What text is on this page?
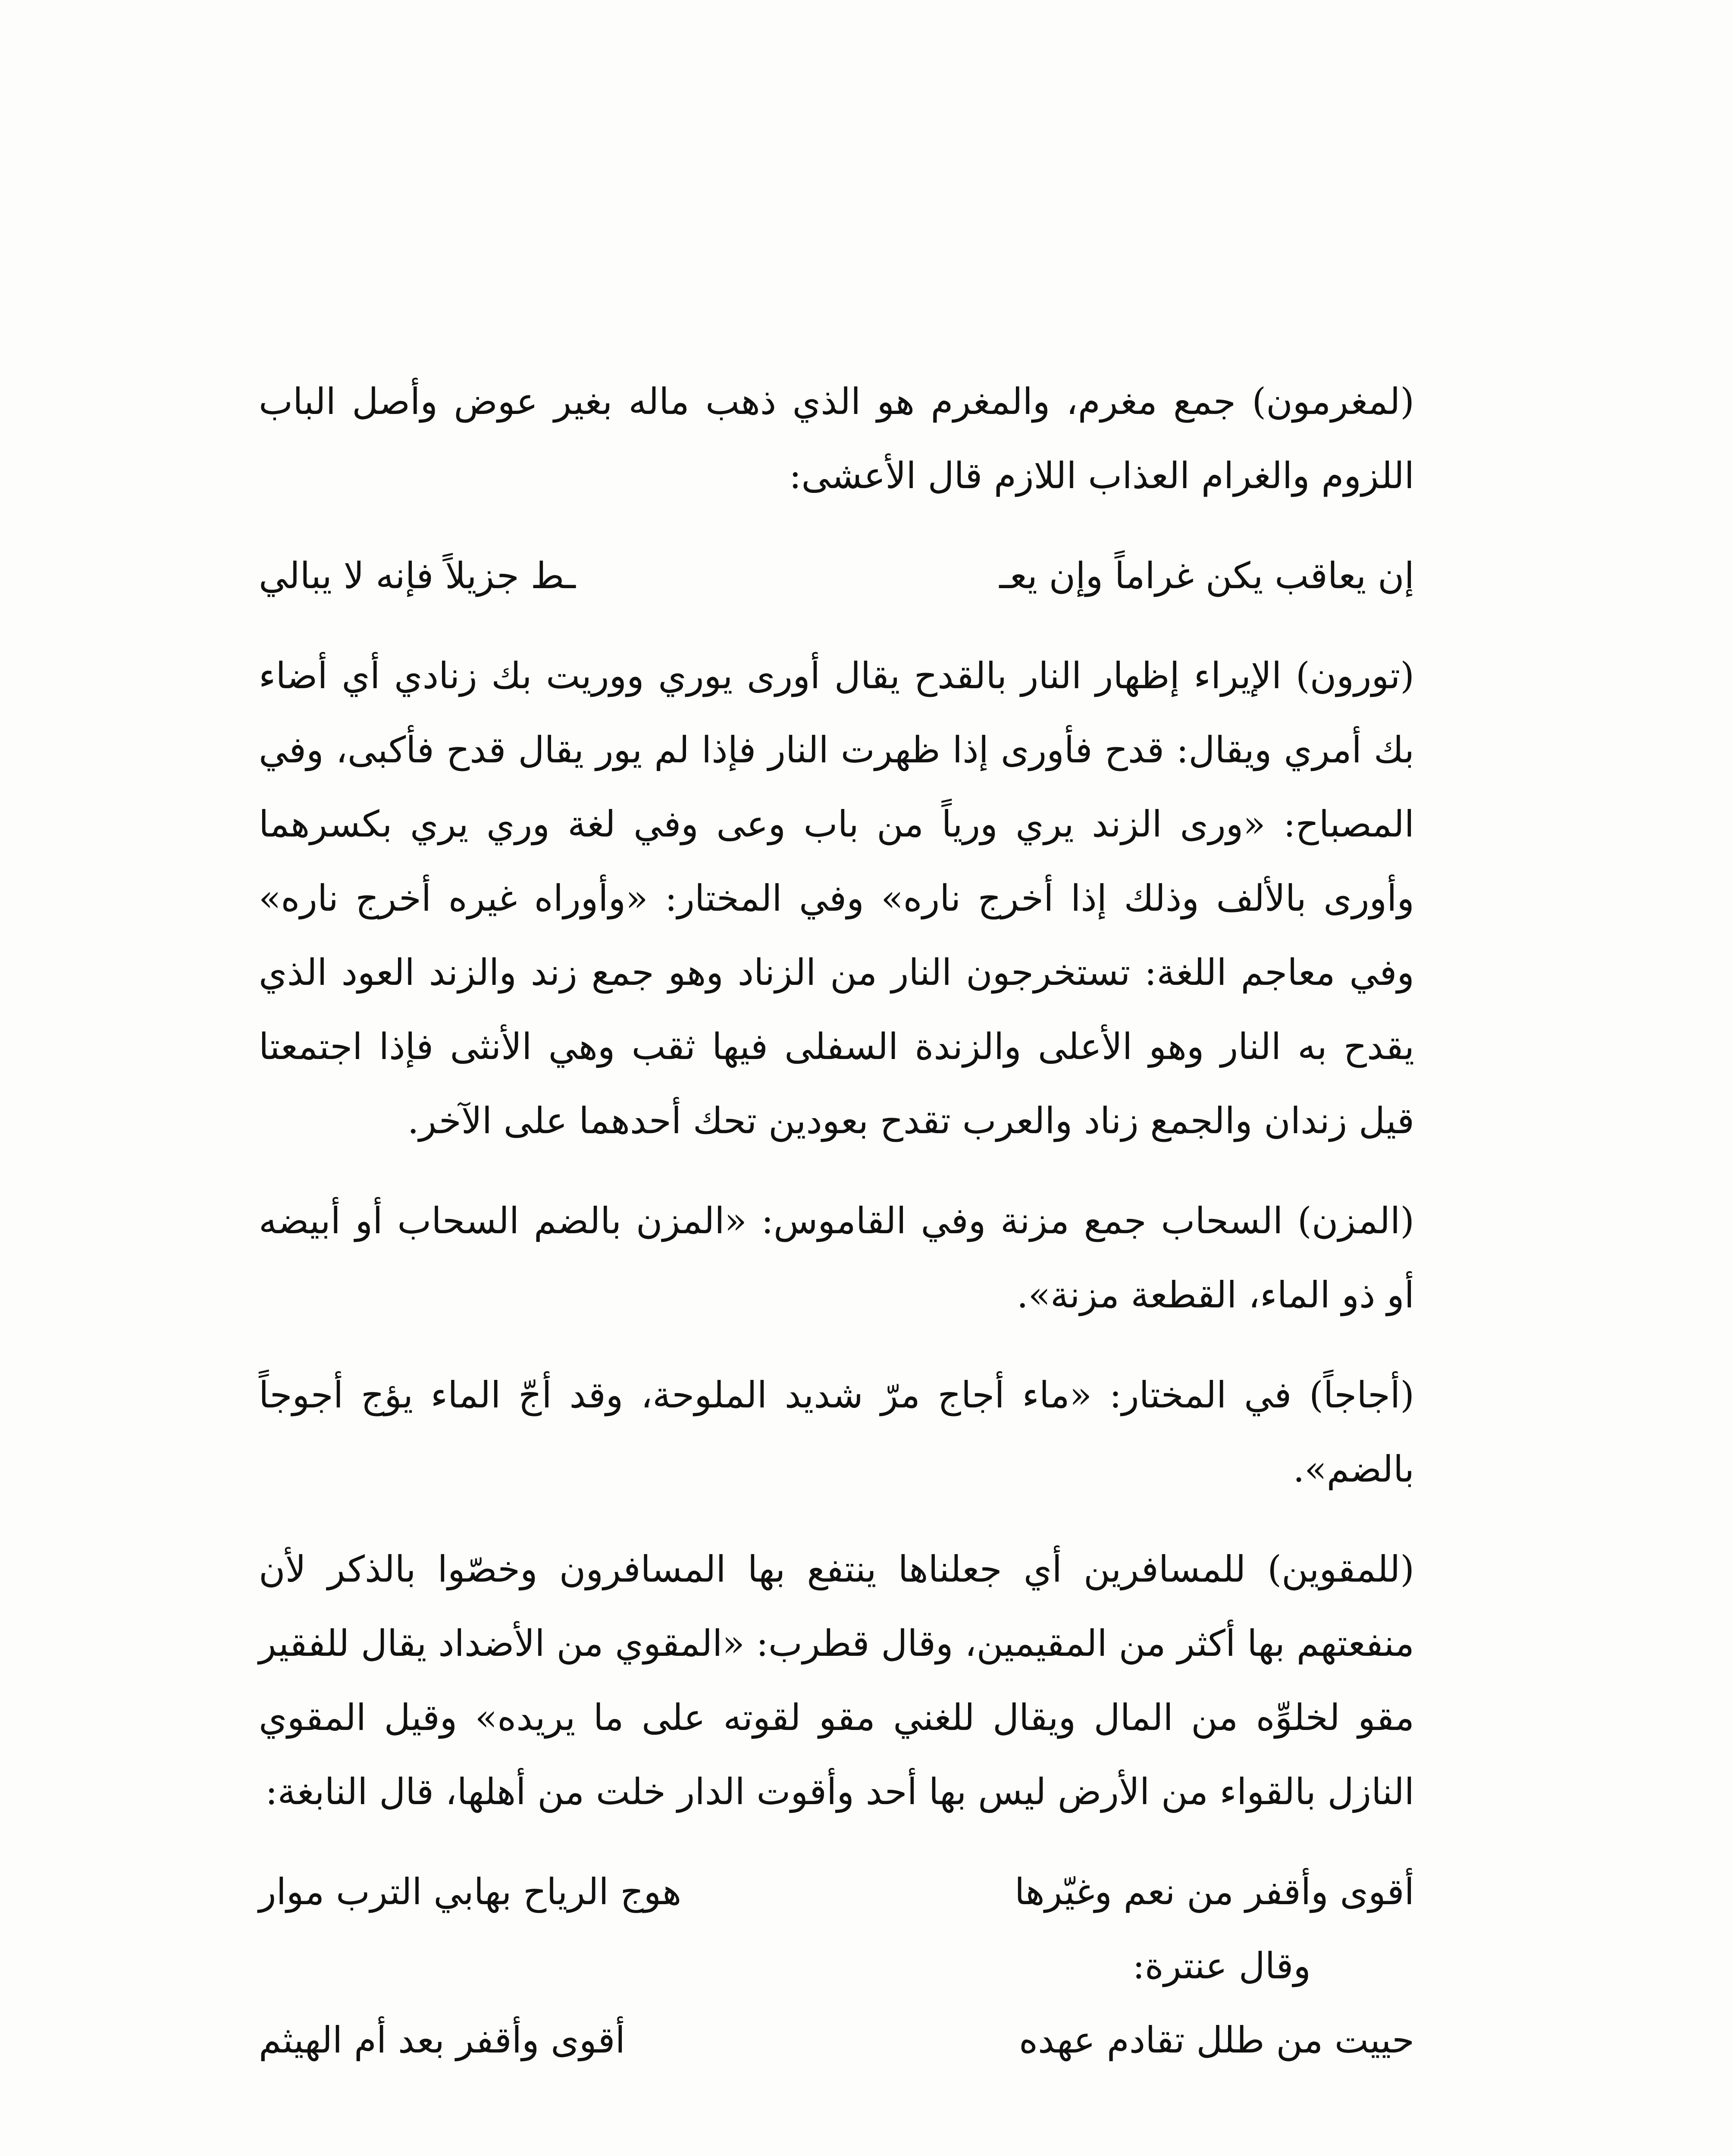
(لمغرمون) جمع مغرم، والمغرم هو الذي ذهب ماله بغير عوض وأصل الباب اللزوم والغرام العذاب اللازم قال الأعشى:

إن يعاقب يكن غراماً وإن يعـ
ـط جزيلاً فإنه لا يبالي

(تورون) الإيراء إظهار النار بالقدح يقال أورى يوري ووريت بك زنادي أي أضاء بك أمري ويقال: قدح فأورى إذا ظهرت النار فإذا لم يور يقال قدح فأكبى، وفي المصباح: «ورى الزند يري ورياً من باب وعى وفي لغة وري يري بكسرهما وأورى بالألف وذلك إذا أخرج ناره» وفي المختار: «وأوراه غيره أخرج ناره» وفي معاجم اللغة: تستخرجون النار من الزناد وهو جمع زند والزند العود الذي يقدح به النار وهو الأعلى والزندة السفلى فيها ثقب وهي الأنثى فإذا اجتمعتا قيل زندان والجمع زناد والعرب تقدح بعودين تحك أحدهما على الآخر.

(المزن) السحاب جمع مزنة وفي القاموس: «المزن بالضم السحاب أو أبيضه أو ذو الماء، القطعة مزنة».

(أجاجاً) في المختار: «ماء أجاج مرّ شديد الملوحة، وقد أجّ الماء يؤج أجوجاً بالضم».

(للمقوين) للمسافرين أي جعلناها ينتفع بها المسافرون وخصّوا بالذكر لأن منفعتهم بها أكثر من المقيمين، وقال قطرب: «المقوي من الأضداد يقال للفقير مقو لخلوِّه من المال ويقال للغني مقو لقوته على ما يريده» وقيل المقوي النازل بالقواء من الأرض ليس بها أحد وأقوت الدار خلت من أهلها، قال النابغة:

أقوى وأقفر من نعم وغيّرها
هوج الرياح بهابي الترب موار
وقال عنترة:
حييت من طلل تقادم عهده
أقوى وأقفر بعد أم الهيثم
